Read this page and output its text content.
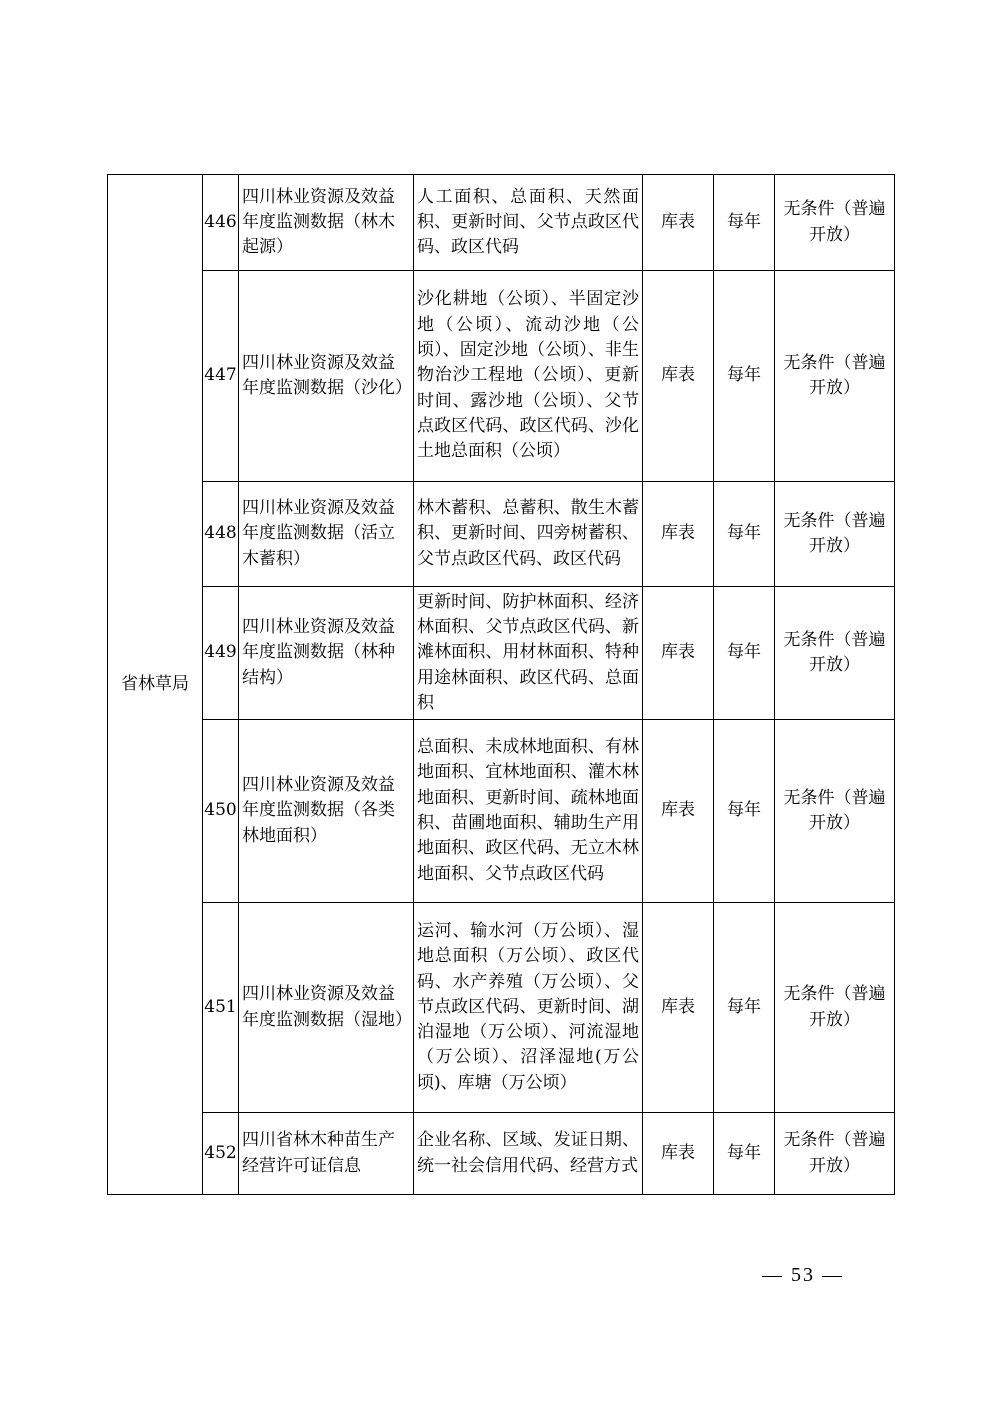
省林草局	446	四川林业资源及效益年度监测数据（林木起源）	人工面积、总面积、天然面积、更新时间、父节点政区代码、政区代码	库表	每年	无条件（普遍开放）
	447	四川林业资源及效益年度监测数据（沙化）	沙化耕地（公顷）、半固定沙地（公顷）、流动沙地（公顷）、固定沙地（公顷）、非生物治沙工程地（公顷）、更新时间、露沙地（公顷）、父节点政区代码、政区代码、沙化土地总面积（公顷）	库表	每年	无条件（普遍开放）
	448	四川林业资源及效益年度监测数据（活立木蓄积）	林木蓄积、总蓄积、散生木蓄积、更新时间、四旁树蓄积、父节点政区代码、政区代码	库表	每年	无条件（普遍开放）
	449	四川林业资源及效益年度监测数据（林种结构）	更新时间、防护林面积、经济林面积、父节点政区代码、新滩林面积、用材林面积、特种用途林面积、政区代码、总面积	库表	每年	无条件（普遍开放）
	450	四川林业资源及效益年度监测数据（各类林地面积）	总面积、未成林地面积、有林地面积、宜林地面积、灌木林地面积、更新时间、疏林地面积、苗圃地面积、辅助生产用地面积、政区代码、无立木林地面积、父节点政区代码	库表	每年	无条件（普遍开放）
	451	四川林业资源及效益年度监测数据（湿地）	运河、输水河（万公顷）、湿地总面积（万公顷）、政区代码、水产养殖（万公顷）、父节点政区代码、更新时间、湖泊湿地（万公顷）、河流湿地（万公顷）、沼泽湿地(万公顷)、库塘（万公顷）	库表	每年	无条件（普遍开放）
	452	四川省林木种苗生产经营许可证信息	企业名称、区域、发证日期、统一社会信用代码、经营方式	库表	每年	无条件（普遍开放）
— 53 —
